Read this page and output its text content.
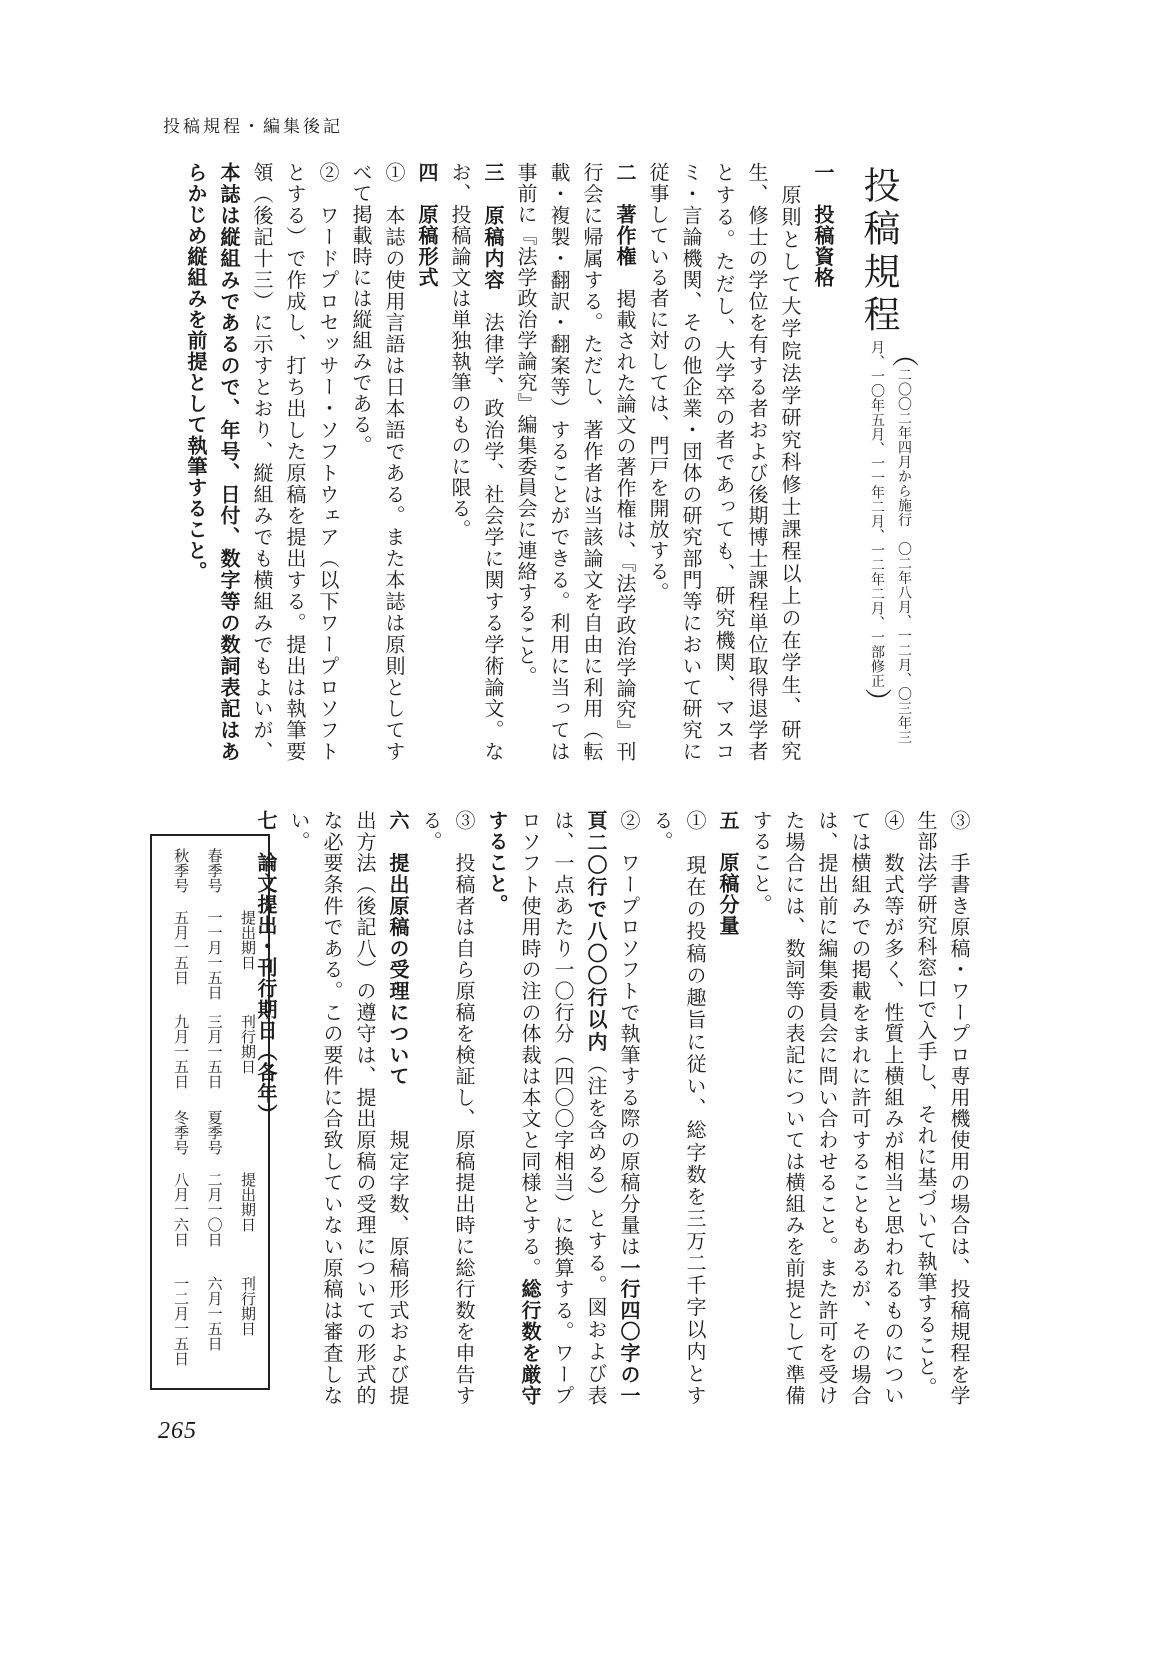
投稿規程・編集後記
投稿規程
（二〇〇二年四月から施行　〇二年八月、一二月、〇三年三月、一〇年五月、一一年二月、一二年二月、一部修正）

一　投稿資格

　原則として大学院法学研究科修士課程以上の在学生、研究生、修士の学位を有する者および後期博士課程単位取得退学者とする。ただし、大学卒の者であっても、研究機関、マスコミ・言論機関、その他企業・団体の研究部門等において研究に従事している者に対しては、門戸を開放する。

二　著作権　掲載された論文の著作権は、『法学政治学論究』刊行会に帰属する。ただし、著作者は当該論文を自由に利用（転載・複製・翻訳・翻案等）することができる。利用に当っては事前に『法学政治学論究』編集委員会に連絡すること。

三　原稿内容　法律学、政治学、社会学に関する学術論文。なお、投稿論文は単独執筆のものに限る。

四　原稿形式

①　本誌の使用言語は日本語である。また本誌は原則としてすべて掲載時には縦組みである。

②　ワードプロセッサー・ソフトウェア（以下ワープロソフトとする）で作成し、打ち出した原稿を提出する。提出は執筆要領（後記十三）に示すとおり、縦組みでも横組みでもよいが、本誌は縦組みであるので、年号、日付、数字等の数詞表記はあらかじめ縦組みを前提として執筆すること。

③　手書き原稿・ワープロ専用機使用の場合は、投稿規程を学生部法学研究科窓口で入手し、それに基づいて執筆すること。

④　数式等が多く、性質上横組みが相当と思われるものについては横組みでの掲載をまれに許可することもあるが、その場合は、提出前に編集委員会に問い合わせること。また許可を受けた場合には、数詞等の表記については横組みを前提として準備すること。

五　原稿分量

①　現在の投稿の趣旨に従い、総字数を三万二千字以内とする。

②　ワープロソフトで執筆する際の原稿分量は一行四〇字の一頁二〇行で八〇〇行以内（注を含める）とする。図および表は、一点あたり一〇行分（四〇〇字相当）に換算する。ワープロソフト使用時の注の体裁は本文と同様とする。総行数を厳守すること。

③　投稿者は自ら原稿を検証し、原稿提出時に総行数を申告する。

六　提出原稿の受理について　　規定字数、原稿形式および提出方法（後記八）の遵守は、提出原稿の受理についての形式的な必要条件である。この要件に合致していない原稿は審査しない。

七　論文提出・刊行期日（各年）

提出期日刊行期日 提出期日刊行期日
春季号一一月一五日三月一五日 夏季号二月一〇日六月一五日
秋季号五月一五日九月一五日 冬季号八月一六日一二月一五日
265
